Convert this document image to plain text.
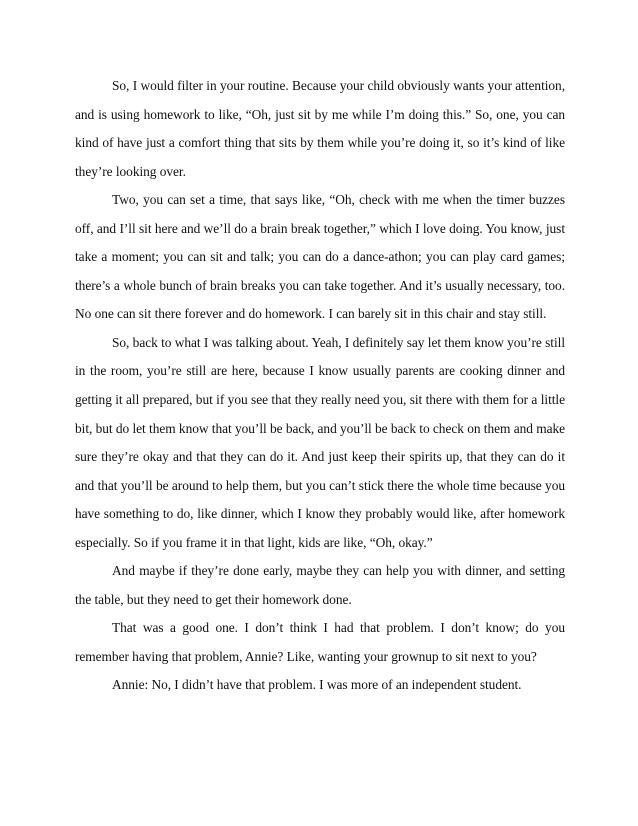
So, I would filter in your routine. Because your child obviously wants your attention, and is using homework to like, “Oh, just sit by me while I’m doing this.” So, one, you can kind of have just a comfort thing that sits by them while you’re doing it, so it’s kind of like they’re looking over.

Two, you can set a time, that says like, “Oh, check with me when the timer buzzes off, and I’ll sit here and we’ll do a brain break together,” which I love doing. You know, just take a moment; you can sit and talk; you can do a dance-athon; you can play card games; there’s a whole bunch of brain breaks you can take together. And it’s usually necessary, too. No one can sit there forever and do homework. I can barely sit in this chair and stay still.

So, back to what I was talking about. Yeah, I definitely say let them know you’re still in the room, you’re still are here, because I know usually parents are cooking dinner and getting it all prepared, but if you see that they really need you, sit there with them for a little bit, but do let them know that you’ll be back, and you’ll be back to check on them and make sure they’re okay and that they can do it. And just keep their spirits up, that they can do it and that you’ll be around to help them, but you can’t stick there the whole time because you have something to do, like dinner, which I know they probably would like, after homework especially. So if you frame it in that light, kids are like, “Oh, okay.”

And maybe if they’re done early, maybe they can help you with dinner, and setting the table, but they need to get their homework done.

That was a good one. I don’t think I had that problem. I don’t know; do you remember having that problem, Annie? Like, wanting your grownup to sit next to you?

Annie: No, I didn’t have that problem. I was more of an independent student.
